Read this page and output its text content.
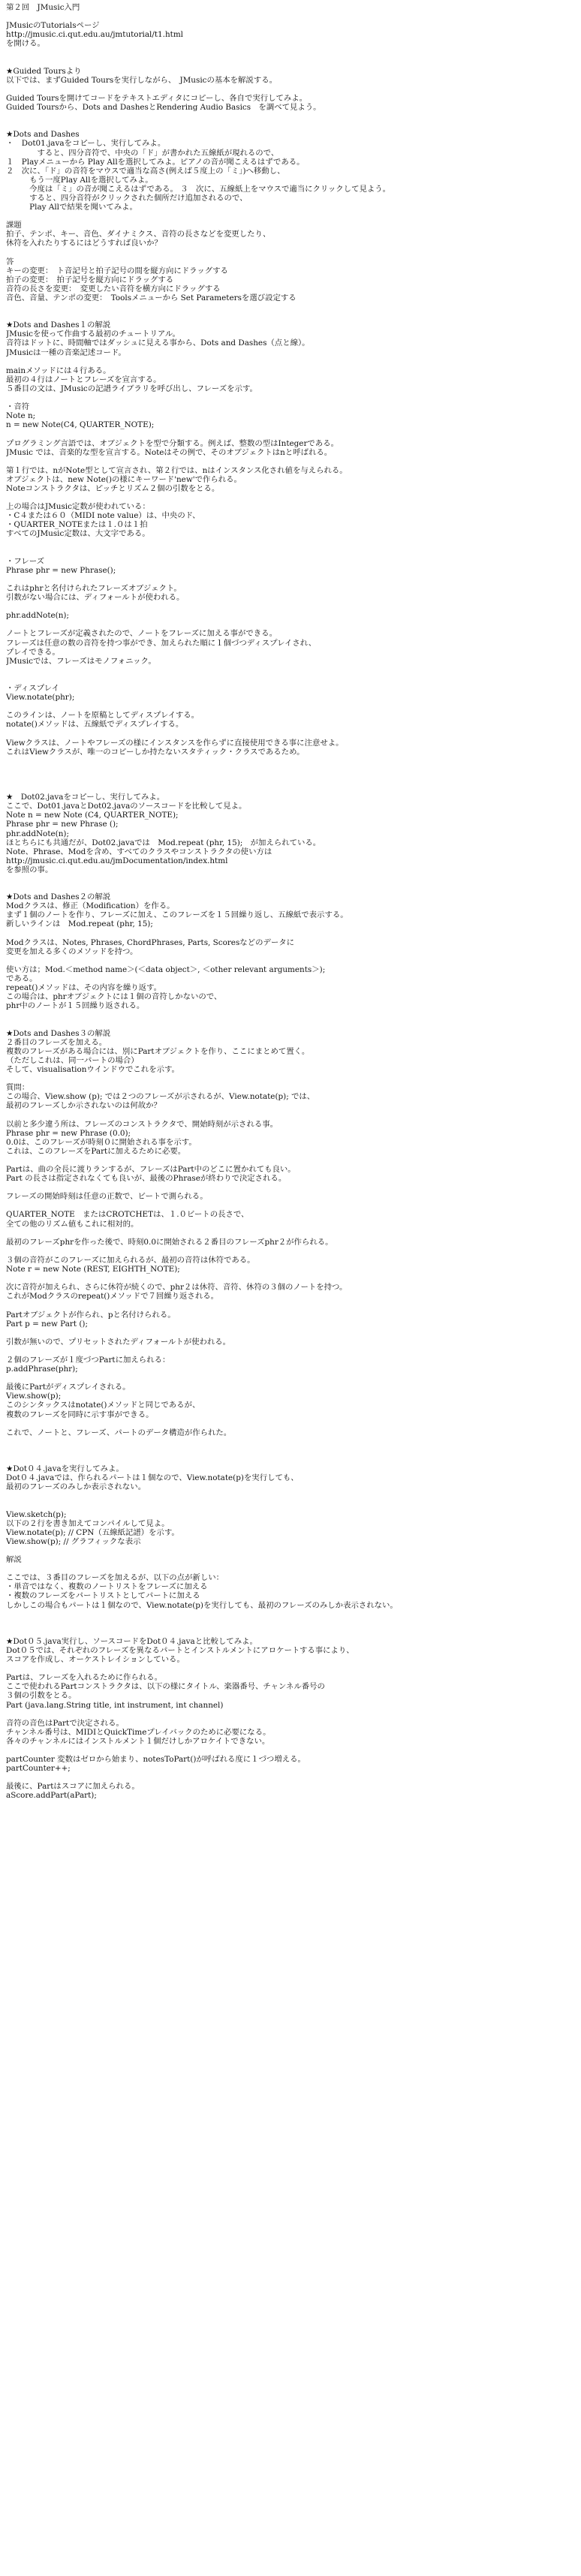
第２回　JMusic入門
JMusicのTutorialsページ
http://jmusic.ci.qut.edu.au/jmtutorial/t1.html
を開ける。
★Guided Toursより
以下では、まずGuided Toursを実行しながら、　JMusicの基本を解説する。
Guided Toursを開けてコードをテキストエディタにコピーし、各自で実行してみよ。
Guided Toursから、Dots and DashesとRendering Audio Basics　を調べて見よう。
★Dots and Dashes
・　Dot01.javaをコピーし、実行してみよ。
　　　　すると、四分音符で、中央の「ド」が書かれた五線紙が現れるので、
１　Playメニューから Play Allを選択してみよ。ピアノの音が聞こえるはずである。
２　次に、「ド」の音符をマウスで適当な高さ(例えば５度上の「ミ」)へ移動し、
　　　もう一度Play Allを選択してみよ。
　　　今度は「ミ」の音が聞こえるはずである。 ３　次に、五線紙上をマウスで適当にクリックして見よう。
　　　すると、四分音符がクリックされた個所だけ追加されるので、
　　　Play Allで結果を聞いてみよ。
課題
拍子、テンポ、キー、音色、ダイナミクス、音符の長さなどを変更したり、
休符を入れたりするにはどうすれば良いか？
答
キーの変更：　ト音記号と拍子記号の間を縦方向にドラッグする
拍子の変更：　拍子記号を縦方向にドラッグする
音符の長さを変更：　変更したい音符を横方向にドラッグする
音色、音量、テンポの変更：　Toolsメニューから Set Parametersを選び設定する
★Dots and Dashes１の解説
JMusicを使って作曲する最初のチュートリアル。
音符はドットに、時間軸ではダッシュに見える事から、Dots and Dashes（点と線）。
JMusicは一種の音楽記述コード。
mainメソッドには４行ある。
最初の４行はノートとフレーズを宣言する。
５番目の文は、JMusicの記譜ライブラリを呼び出し、フレーズを示す。
・音符
Note n;
n = new Note(C4, QUARTER_NOTE);
プログラミング言語では、オブジェクトを型で分類する。例えば、整数の型はIntegerである。
JMusic では、音楽的な型を宣言する。Noteはその例で、そのオブジェクトはnと呼ばれる。
第１行では、nがNote型として宣言され、第２行では、nはインスタンス化され値を与えられる。
オブジェクトは、new Note()の様にキーワード'new'で作られる。
Noteコンストラクタは、ピッチとリズム２個の引数をとる。
上の場合はJMusic定数が使われている：
・C４または６０（MIDI note value）は、中央のド、
・QUARTER_NOTEまたは１.０は１拍
すべてのJMusic定数は、大文字である。
・フレーズ
Phrase phr = new Phrase();
これはphrと名付けられたフレーズオブジェクト。
引数がない場合には、ディフォールトが使われる。
phr.addNote(n);
ノートとフレーズが定義されたので、ノートをフレーズに加える事ができる。
フレーズは任意の数の音符を持つ事ができ、加えられた順に１個づつディスプレイされ、
プレイできる。
JMusicでは、フレーズはモノフォニック。
・ディスプレイ
View.notate(phr);
このラインは、ノートを原稿としてディスプレイする。
notate()メソッドは、五線紙でディスプレイする。
Viewクラスは、ノートやフレーズの様にインスタンスを作らずに直接使用できる事に注意せよ。
これはViewクラスが、唯一のコピーしか持たないスタティック・クラスであるため。
★　Dot02.javaをコピーし、実行してみよ。
ここで、Dot01.javaとDot02.javaのソースコードを比較して見よ。
Note n = new Note (C4, QUARTER_NOTE);
Phrase phr = new Phrase ();
phr.addNote(n);
ほとちらにも共通だが、Dot02.javaでは　Mod.repeat (phr, 15);　が加えられている。
Note、Phrase、Modを含め、すべてのクラスやコンストラクタの使い方は
http://jmusic.ci.qut.edu.au/jmDocumentation/index.html
を参照の事。
★Dots and Dashes２の解説
Modクラスは、修正（Modification）を作る。
まず１個のノートを作り、フレーズに加え、このフレーズを１５回繰り返し、五線紙で表示する。
新しいラインは　Mod.repeat (phr, 15);
Modクラスは、Notes, Phrases, ChordPhrases, Parts, Scoresなどのデータに
変更を加える多くのメソッドを持つ。
使い方は；Mod.＜method name＞(＜data object＞, ＜other relevant arguments＞);
である。
repeat()メソッドは、その内容を繰り返す。
この場合は、phrオブジェクトには１個の音符しかないので、
phr中のノートが１５回繰り返される。
★Dots and Dashes３の解説
２番目のフレーズを加える。
複数のフレーズがある場合には、別にPartオブジェクトを作り、ここにまとめて置く。
（ただしこれは、同一パートの場合）
そして、visualisationウインドウでこれを示す。
質問：
この場合、View.show (p); では２つのフレーズが示されるが、View.notate(p); では、
最初のフレーズしか示されないのは何故か？
以前と多少違う所は、フレーズのコンストラクタで、開始時刻が示される事。
Phrase phr = new Phrase (0.0);
0.0は、このフレーズが時刻０に開始される事を示す。
これは、このフレーズをPartに加えるために必要。
Partは、曲の全長に渡りランするが、フレーズはPart中のどこに置かれても良い。
Part の長さは指定されなくても良いが、最後のPhraseが終わりで決定される。
フレーズの開始時刻は任意の正数で、ビートで測られる。
QUARTER_NOTE　またはCROTCHETは、１.０ビートの長さで、
全ての他のリズム値もこれに相対的。
最初のフレーズphrを作った後で、時刻0.0に開始される２番目のフレーズphr２が作られる。
３個の音符がこのフレーズに加えられるが、最初の音符は休符である。
Note r = new Note (REST, EIGHTH_NOTE);
次に音符が加えられ、さらに休符が続くので、phr２は休符、音符、休符の３個のノートを持つ。
これがModクラスのrepeat()メソッドで７回繰り返される。
Partオブジェクトが作られ、pと名付けられる。
Part p = new Part ();
引数が無いので、プリセットされたディフォールトが使われる。
２個のフレーズが１度づつPartに加えられる：
p.addPhrase(phr);
最後にPartがディスプレイされる。
View.show(p);
このシンタックスはnotate()メソッドと同じであるが、
複数のフレーズを同時に示す事ができる。
これで、ノートと、フレーズ、パートのデータ構造が作られた。
★Dot０４.javaを実行してみよ。
Dot０４.javaでは、作られるパートは１個なので、View.notate(p)を実行しても、
最初のフレーズのみしか表示されない。
View.sketch(p);
以下の２行を書き加えてコンパイルして見よ。
View.notate(p); // CPN（五線紙記譜）を示す。
View.show(p); // グラフィックな表示
解説
ここでは、３番目のフレーズを加えるが、以下の点が新しい：
・単音ではなく、複数のノートリストをフレーズに加える
・複数のフレーズをパートリストとしてパートに加える
しかしこの場合もパートは１個なので、View.notate(p)を実行しても、最初のフレーズのみしか表示されない。
★Dot０５.java実行し、ソースコードをDot０４.javaと比較してみよ。
Dot０５では、それぞれのフレーズを異なるパートとインストルメントにアロケートする事により、
スコアを作成し、オーケストレイションしている。
Partは、フレーズを入れるために作られる。
ここで使われるPartコンストラクタは、以下の様にタイトル、楽器番号、チャンネル番号の
３個の引数をとる。
Part (java.lang.String title, int instrument, int channel)
音符の音色はPartで決定される。
チャンネル番号は、MIDIとQuickTimeプレイバックのために必要になる。
各々のチャンネルにはインストルメント１個だけしかアロケイトできない。
partCounter 変数はゼロから始まり、notesToPart()が呼ばれる度に１づつ増える。
partCounter++;
最後に、Partはスコアに加えられる。
aScore.addPart(aPart);
